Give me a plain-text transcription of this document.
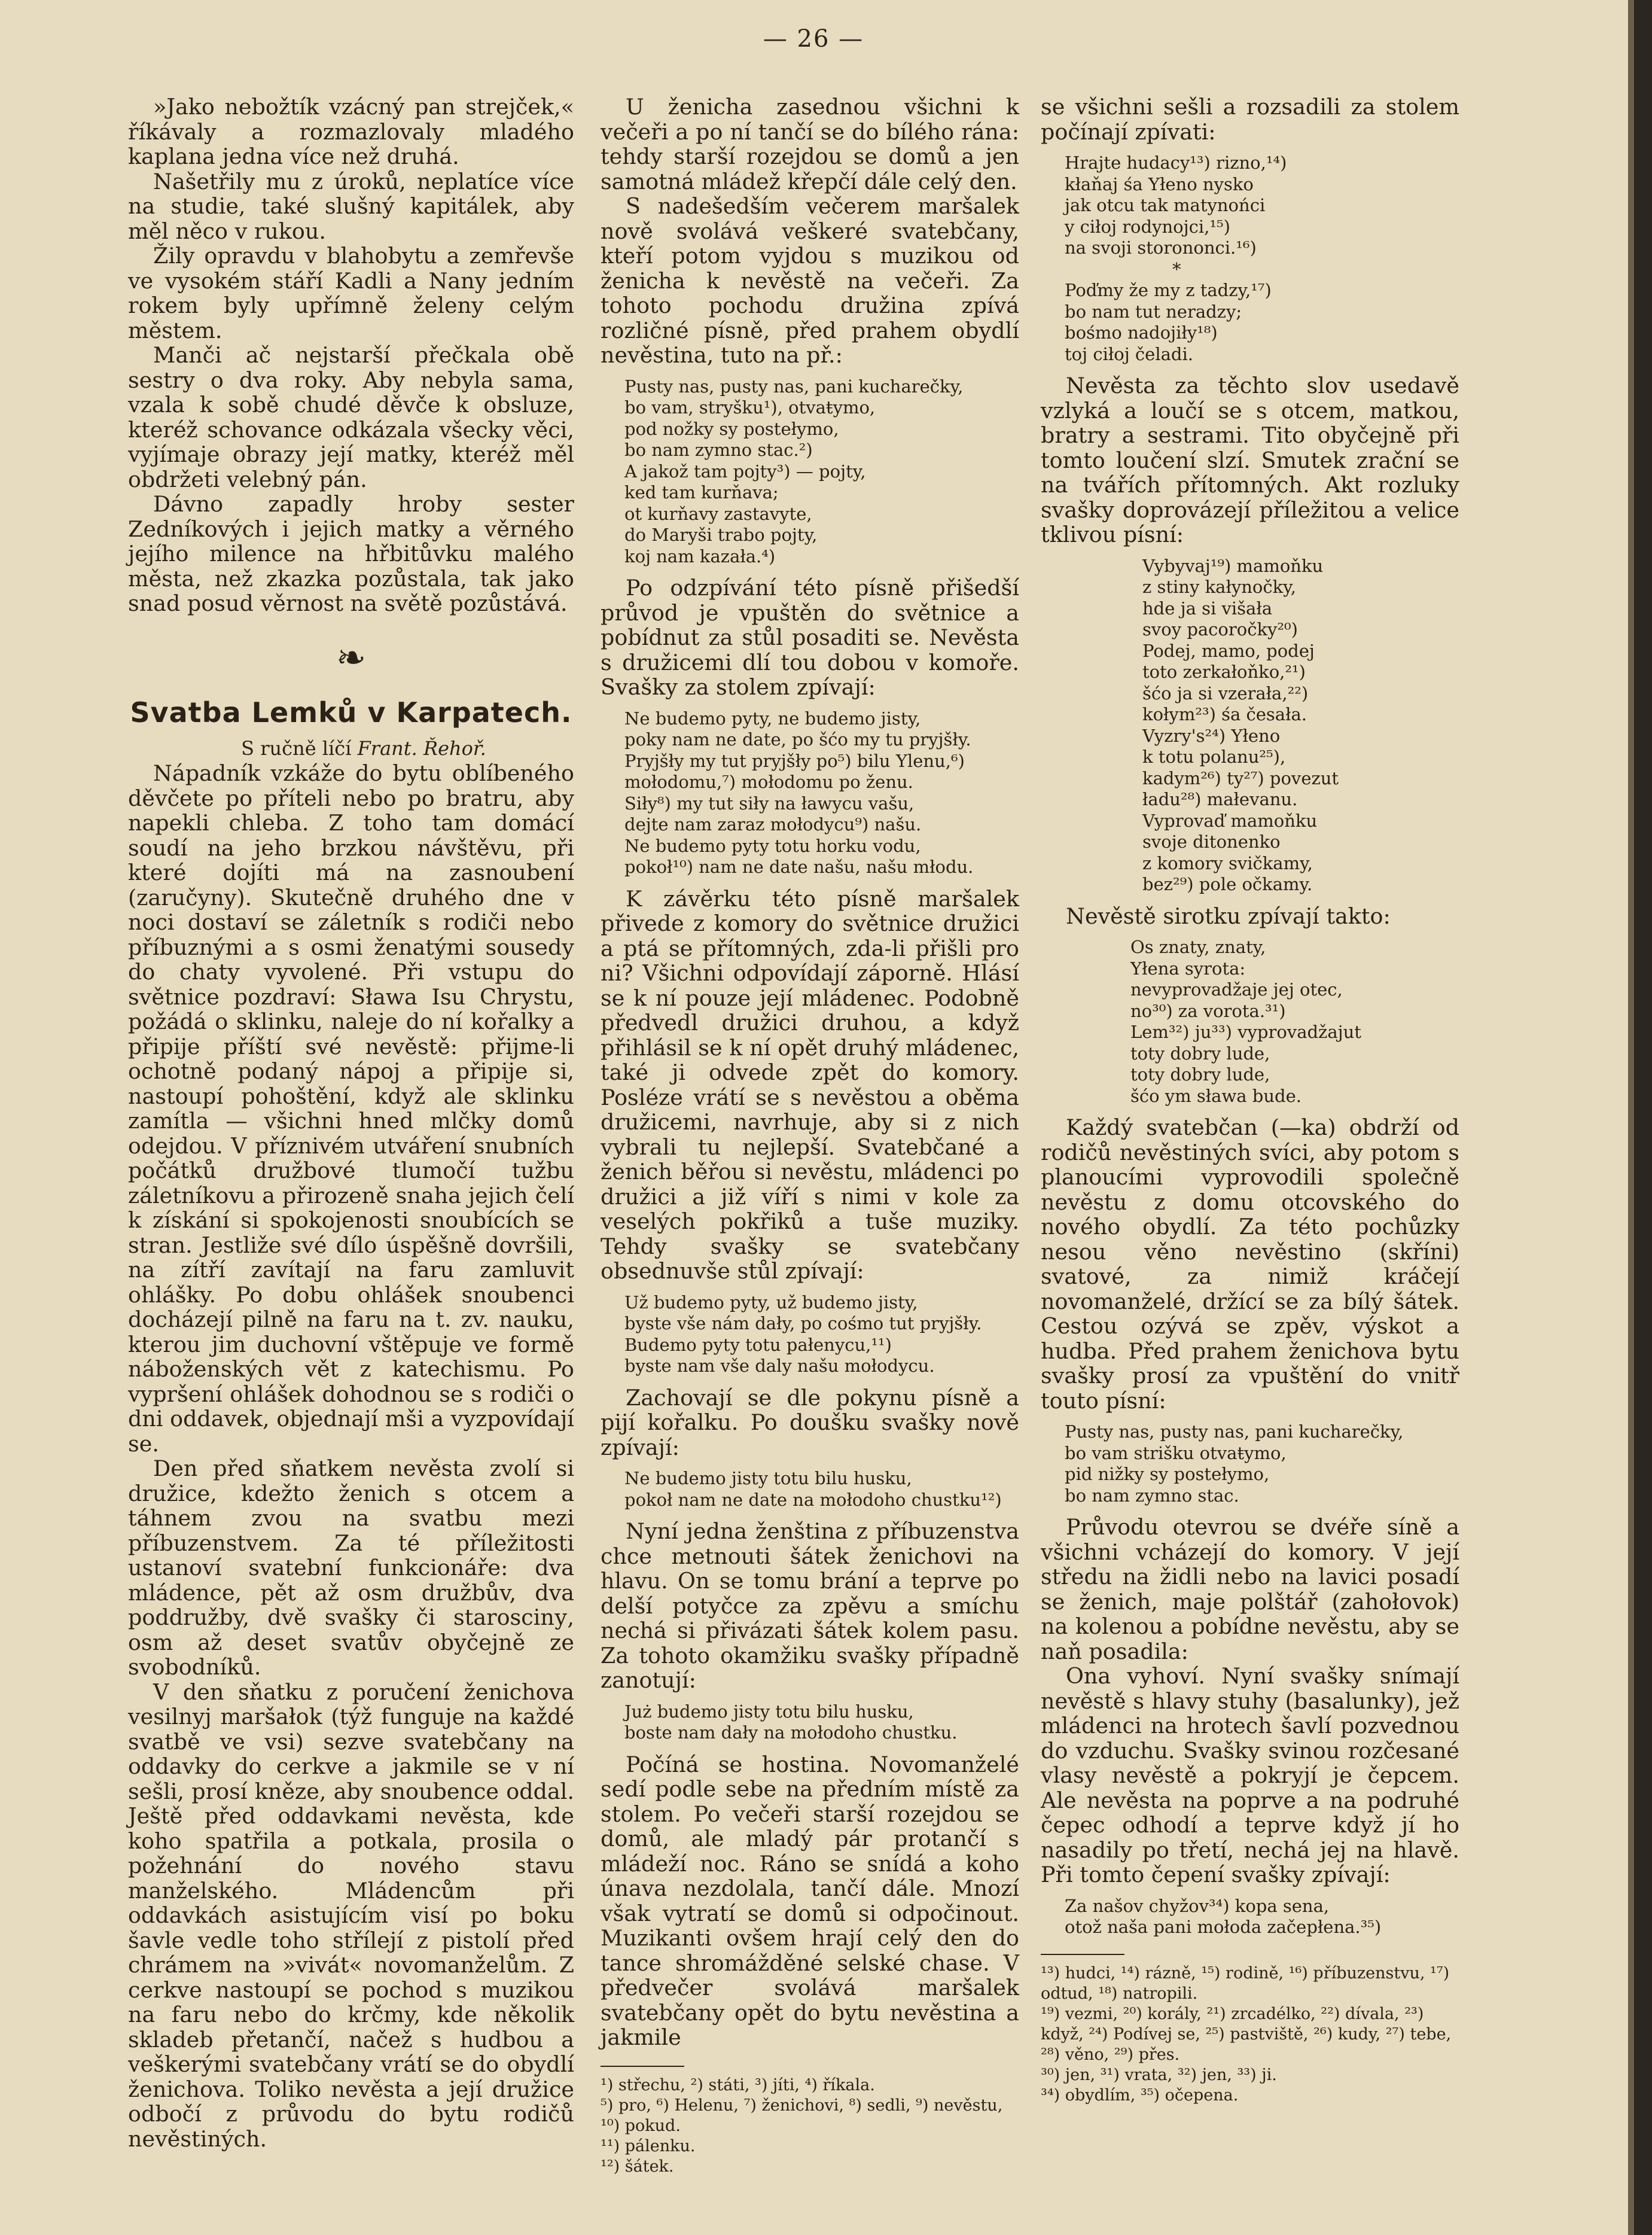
— 26 —

»Jako nebožtík vzácný pan strejček,« říkávaly a rozmazlovaly mladého kaplana jedna více než druhá.

Našetřily mu z úroků, neplatíce více na studie, také slušný kapitálek, aby měl něco v rukou.

Žily opravdu v blahobytu a zemřevše ve vysokém stáří Kadli a Nany jedním rokem byly upřímně želeny celým městem.

Manči ač nejstarší přečkala obě sestry o dva roky. Aby nebyla sama, vzala k sobě chudé děvče k obsluze, kteréž schovance odkázala všecky věci, vyjímaje obrazy její matky, kteréž měl obdržeti velebný pán.

Dávno zapadly hroby sester Zedníkových i jejich matky a věrného jejího milence na hřbitůvku malého města, než zkazka pozůstala, tak jako snad posud věrnost na světě pozůstává.

❧
Svatba Lemků v Karpatech.

S ručně líčí Frant. Řehoř.

Nápadník vzkáže do bytu oblíbeného děvčete po příteli nebo po bratru, aby napekli chleba. Z toho tam domácí soudí na jeho brzkou návštěvu, při které dojíti má na zasnoubení (zaručyny). Skutečně druhého dne v noci dostaví se záletník s rodiči nebo příbuznými a s osmi ženatými sousedy do chaty vyvolené. Při vstupu do světnice pozdraví: Sława Isu Chrystu, požádá o sklinku, naleje do ní kořalky a připije příští své nevěstě: přijme-li ochotně podaný nápoj a připije si, nastoupí pohoštění, když ale sklinku zamítla — všichni hned mlčky domů odejdou. V příznivém utváření snubních počátků družbové tlumočí tužbu záletníkovu a přirozeně snaha jejich čelí k získání si spokojenosti snoubících se stran. Jestliže své dílo úspěšně dovršili, na zítří zavítají na faru zamluvit ohlášky. Po dobu ohlášek snoubenci docházejí pilně na faru na t. zv. nauku, kterou jim duchovní vštěpuje ve formě náboženských vět z katechismu. Po vypršení ohlášek dohodnou se s rodiči o dni oddavek, objednají mši a vyzpovídají se.

Den před sňatkem nevěsta zvolí si družice, kdežto ženich s otcem a táhnem zvou na svatbu mezi příbuzenstvem. Za té příležitosti ustanoví svatební funkcionáře: dva mládence, pět až osm družbův, dva poddružby, dvě svašky či staroscinу, osm až deset svatův obyčejně ze svobodníků.

V den sňatku z poručení ženichova vesilnyj maršałok (týž funguje na každé svatbě ve vsi) sezve svatebčany na oddavky do cerkve a jakmile se v ní sešli, prosí kněze, aby snoubence oddal. Ještě před oddavkami nevěsta, kde koho spatřila a potkala, prosila o požehnání do nového stavu manželského. Mládencům při oddavkách asistujícím visí po boku šavle vedle toho střílejí z pistolí před chrámem na »vivát« novomanželům. Z cerkve nastoupí se pochod s muzikou na faru nebo do krčmy, kde několik skladeb přetančí, načež s hudbou a veškerými svatebčany vrátí se do obydlí ženichova. Toliko nevěsta a její družice odbočí z průvodu do bytu rodičů nevěstiných.

U ženicha zasednou všichni k večeři a po ní tančí se do bílého rána: tehdy starší rozejdou se domů a jen samotná mládež křepčí dále celý den.

S nadešedším večerem maršalek nově svolává veškeré svatebčany, kteří potom vyjdou s muzikou od ženicha k nevěstě na večeři. Za tohoto pochodu družina zpívá rozličné písně, před prahem obydlí nevěstina, tuto na př.:

Pusty nas, pusty nas, pani kucharečky,
bo vam, stryšku¹), otvaŧymo,
pod nožky sy postełymo,
bo nam zymno stac.²)
A jakož tam pojty³) — pojty,
ked tam kurňava;
ot kurňavy zastavyte,
do Maryši trabo pojty,
koj nam kazała.⁴)

Po odzpívání této písně přišedší průvod je vpuštěn do světnice a pobídnut za stůl posaditi se. Nevěsta s družicemi dlí tou dobou v komoře. Svašky za stolem zpívají:

Ne budemo pyty, ne budemo jisty,
poky nam ne date, po šćo my tu pryjšły.
Pryjšły my tut pryjšły po⁵) bilu Ylenu,⁶)
mołodomu,⁷) mołodomu po ženu.
Siły⁸) my tut siły na ławycu vašu,
dejte nam zaraz mołodycu⁹) našu.
Ne budemo pyty totu horku vodu,
pokoł¹⁰) nam ne date našu, našu młodu.

K závěrku této písně maršalek přivede z komory do světnice družici a ptá se přítomných, zda-li přišli pro ni? Všichni odpovídají záporně. Hlásí se k ní pouze její mládenec. Podobně předvedl družici druhou, a když přihlásil se k ní opět druhý mládenec, také ji odvede zpět do komory. Posléze vrátí se s nevěstou a oběma družicemi, navrhuje, aby si z nich vybrali tu nejlepší. Svatebčané a ženich běřou si nevěstu, mládenci po družici a již víří s nimi v kole za veselých pokřiků a tuše muziky. Tehdy svašky se svatebčany obsednuvše stůl zpívají:

Už budemo pyty, už budemo jisty,
byste vše nám dały, po cośmo tut pryjšły.
Budemo pyty totu pałenycu,¹¹)
byste nam vše daly našu mołodycu.

Zachovají se dle pokynu písně a pijí kořalku. Po doušku svašky nově zpívají:

Ne budemo jisty totu bilu husku,
pokoł nam ne date na mołodoho chustku¹²)

Nyní jedna ženština z příbuzenstva chce metnouti šátek ženichovi na hlavu. On se tomu brání a teprve po delší potyčce za zpěvu a smíchu nechá si přivázati šátek kolem pasu. Za tohoto okamžiku svašky případně zanotují:

Już budemo jisty totu bilu husku,
boste nam dały na mołodoho chustku.

Počíná se hostina. Novomanželé sedí podle sebe na předním místě za stolem. Po večeři starší rozejdou se domů, ale mladý pár protančí s mládeží noc. Ráno se snídá a koho únava nezdolala, tančí dále. Mnozí však vytratí se domů si odpočinout. Muzikanti ovšem hrají celý den do tance shromážděné selské chase. V předvečer svolává maršalek svatebčany opět do bytu nevěstina a jakmile

¹) střechu, ²) státi, ³) jíti, ⁴) říkala.
⁵) pro, ⁶) Helenu, ⁷) ženichovi, ⁸) sedli, ⁹) nevěstu, ¹⁰) pokud.
¹¹) pálenku.
¹²) šátek.

se všichni sešli a rozsadili za stolem počínají zpívati:

Hrajte hudacy¹³) rizno,¹⁴)
kłaňaj śa Yłeno nysko
jak otcu tak matynońci
y ciłoj rodynojci,¹⁵)
na svoji storononci.¹⁶)
*
Poďmy že my z tadzy,¹⁷)
bo nam tut neradzy;
bośmo nadojiły¹⁸)
toj ciłoj čeladi.

Nevěsta za těchto slov usedavě vzlyká a loučí se s otcem, matkou, bratry a sestrami. Tito obyčejně při tomto loučení slzí. Smutek zrační se na tvářích přítomných. Akt rozluky svašky doprovázejí příležitou a velice tklivou písní:

Vybyvaj¹⁹) mamoňku
z stiny kałynočky,
hde ja si višała
svoy pacoročky²⁰)
Podej, mamo, podej
toto zerkałoňko,²¹)
šćo ja si vzerała,²²)
kołym²³) śa česała.
Vyzry's²⁴) Yłeno
k totu polanu²⁵),
kadym²⁶) ty²⁷) povezut
ładu²⁸) małevanu.
Vyprovaď mamoňku
svoje ditonenko
z komory svičkamy,
bez²⁹) pole očkamy.

Nevěstě sirotku zpívají takto:

Os znaty, znaty,
Yłena syrota:
nevyprovadžaje jej otec,
no³⁰) za vorota.³¹)
Lem³²) ju³³) vyprovadžajut
toty dobry lude,
toty dobry lude,
šćo ym sława bude.

Každý svatebčan (—ka) obdrží od rodičů nevěstiných svíci, aby potom s planoucími vyprovodili společně nevěstu z domu otcovského do nového obydlí. Za této pochůzky nesou věno nevěstino (skříni) svatové, za nimiž kráčejí novomanželé, držící se za bílý šátek. Cestou ozývá se zpěv, výskot a hudba. Před prahem ženichova bytu svašky prosí za vpuštění do vnitř touto písní:

Pusty nas, pusty nas, pani kucharečky,
bo vam strišku otvaŧymo,
pid nižky sy postełymo,
bo nam zymno stac.

Průvodu otevrou se dvéře síně a všichni vcházejí do komory. V její středu na židli nebo na lavici posadí se ženich, maje polštář (zahołovok) na kolenou a pobídne nevěstu, aby se naň posadila:

Ona vyhoví. Nyní svašky snímají nevěstě s hlavy stuhy (basalunky), jež mládenci na hrotech šavlí pozvednou do vzduchu. Svašky svinou rozčesané vlasy nevěstě a pokryjí je čepcem. Ale nevěsta na poprve a na podruhé čepec odhodí a teprve když jí ho nasadily po třetí, nechá jej na hlavě. Při tomto čepení svašky zpívají:

Za našov chyžov³⁴) kopa sena,
otož naša pani mołoda začepłena.³⁵)
¹³) hudci, ¹⁴) rázně, ¹⁵) rodině, ¹⁶) příbuzenstvu, ¹⁷) odtud, ¹⁸) natropili.
¹⁹) vezmi, ²⁰) korály, ²¹) zrcadélko, ²²) dívala, ²³) když, ²⁴) Podívej se, ²⁵) pastviště, ²⁶) kudy, ²⁷) tebe, ²⁸) věno, ²⁹) přes.
³⁰) jen, ³¹) vrata, ³²) jen, ³³) ji.
³⁴) obydlím, ³⁵) očepena.
